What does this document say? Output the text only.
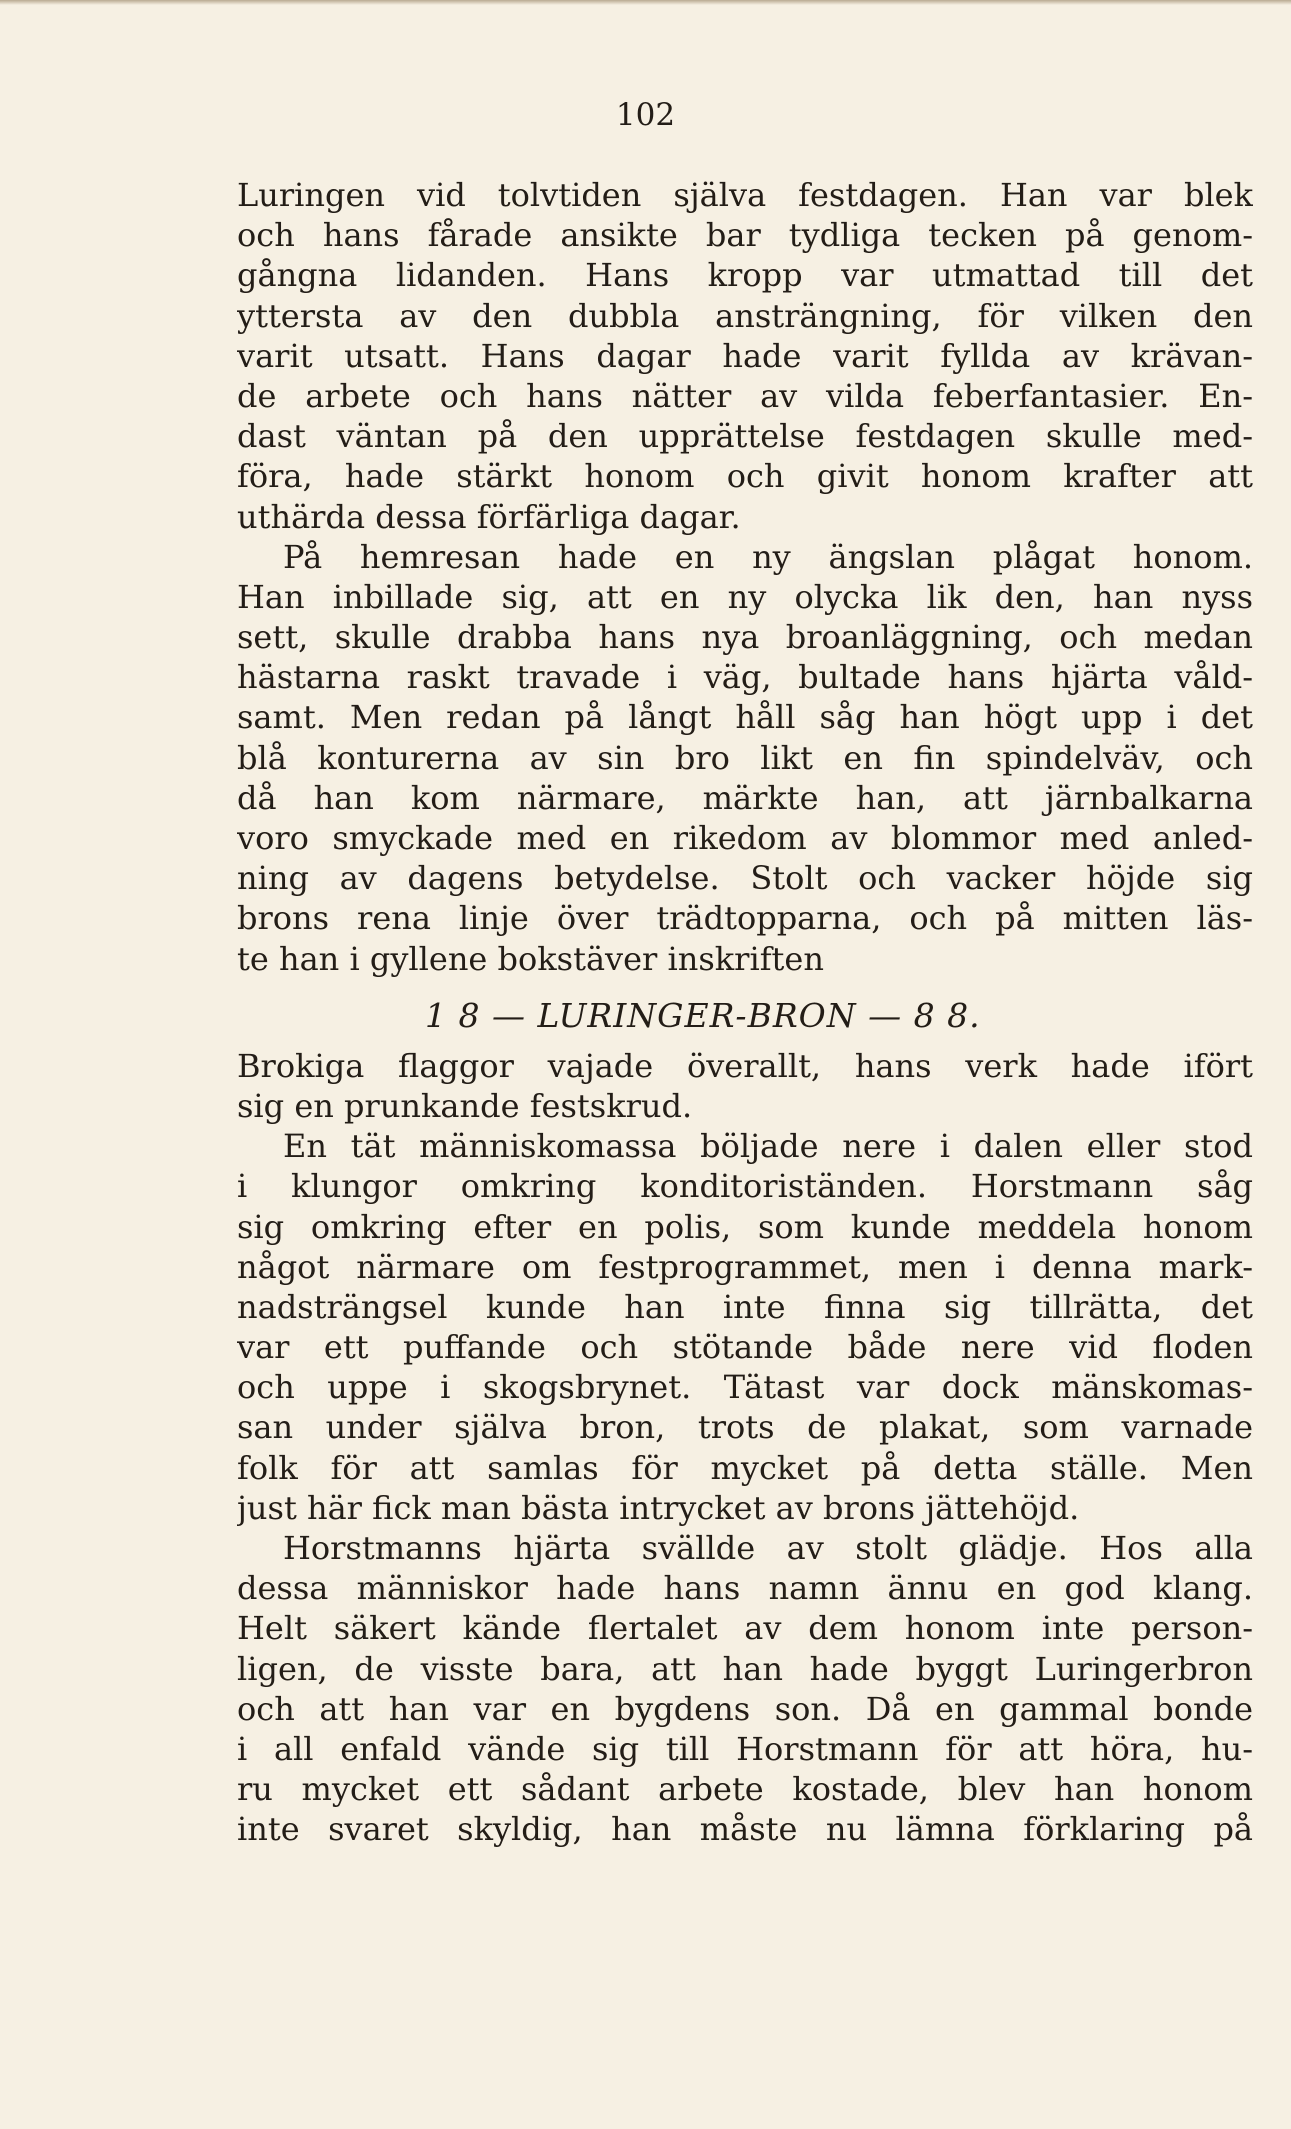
102
Luringen vid tolvtiden själva festdagen. Han var blek
och hans fårade ansikte bar tydliga tecken på genom-
gångna lidanden. Hans kropp var utmattad till det
yttersta av den dubbla ansträngning, för vilken den
varit utsatt. Hans dagar hade varit fyllda av krävan-
de arbete och hans nätter av vilda feberfantasier. En-
dast väntan på den upprättelse festdagen skulle med-
föra, hade stärkt honom och givit honom krafter att
uthärda dessa förfärliga dagar.
På hemresan hade en ny ängslan plågat honom.
Han inbillade sig, att en ny olycka lik den, han nyss
sett, skulle drabba hans nya broanläggning, och medan
hästarna raskt travade i väg, bultade hans hjärta våld-
samt. Men redan på långt håll såg han högt upp i det
blå konturerna av sin bro likt en fin spindelväv, och
då han kom närmare, märkte han, att järnbalkarna
voro smyckade med en rikedom av blommor med anled-
ning av dagens betydelse. Stolt och vacker höjde sig
brons rena linje över trädtopparna, och på mitten läs-
te han i gyllene bokstäver inskriften
1 8 — LURINGER-BRON — 8 8.
Brokiga flaggor vajade överallt, hans verk hade ifört
sig en prunkande festskrud.
En tät människomassa böljade nere i dalen eller stod
i klungor omkring konditoriständen. Horstmann såg
sig omkring efter en polis, som kunde meddela honom
något närmare om festprogrammet, men i denna mark-
nadsträngsel kunde han inte finna sig tillrätta, det
var ett puffande och stötande både nere vid floden
och uppe i skogsbrynet. Tätast var dock mänskomas-
san under själva bron, trots de plakat, som varnade
folk för att samlas för mycket på detta ställe. Men
just här fick man bästa intrycket av brons jättehöjd.
Horstmanns hjärta svällde av stolt glädje. Hos alla
dessa människor hade hans namn ännu en god klang.
Helt säkert kände flertalet av dem honom inte person-
ligen, de visste bara, att han hade byggt Luringerbron
och att han var en bygdens son. Då en gammal bonde
i all enfald vände sig till Horstmann för att höra, hu-
ru mycket ett sådant arbete kostade, blev han honom
inte svaret skyldig, han måste nu lämna förklaring på
